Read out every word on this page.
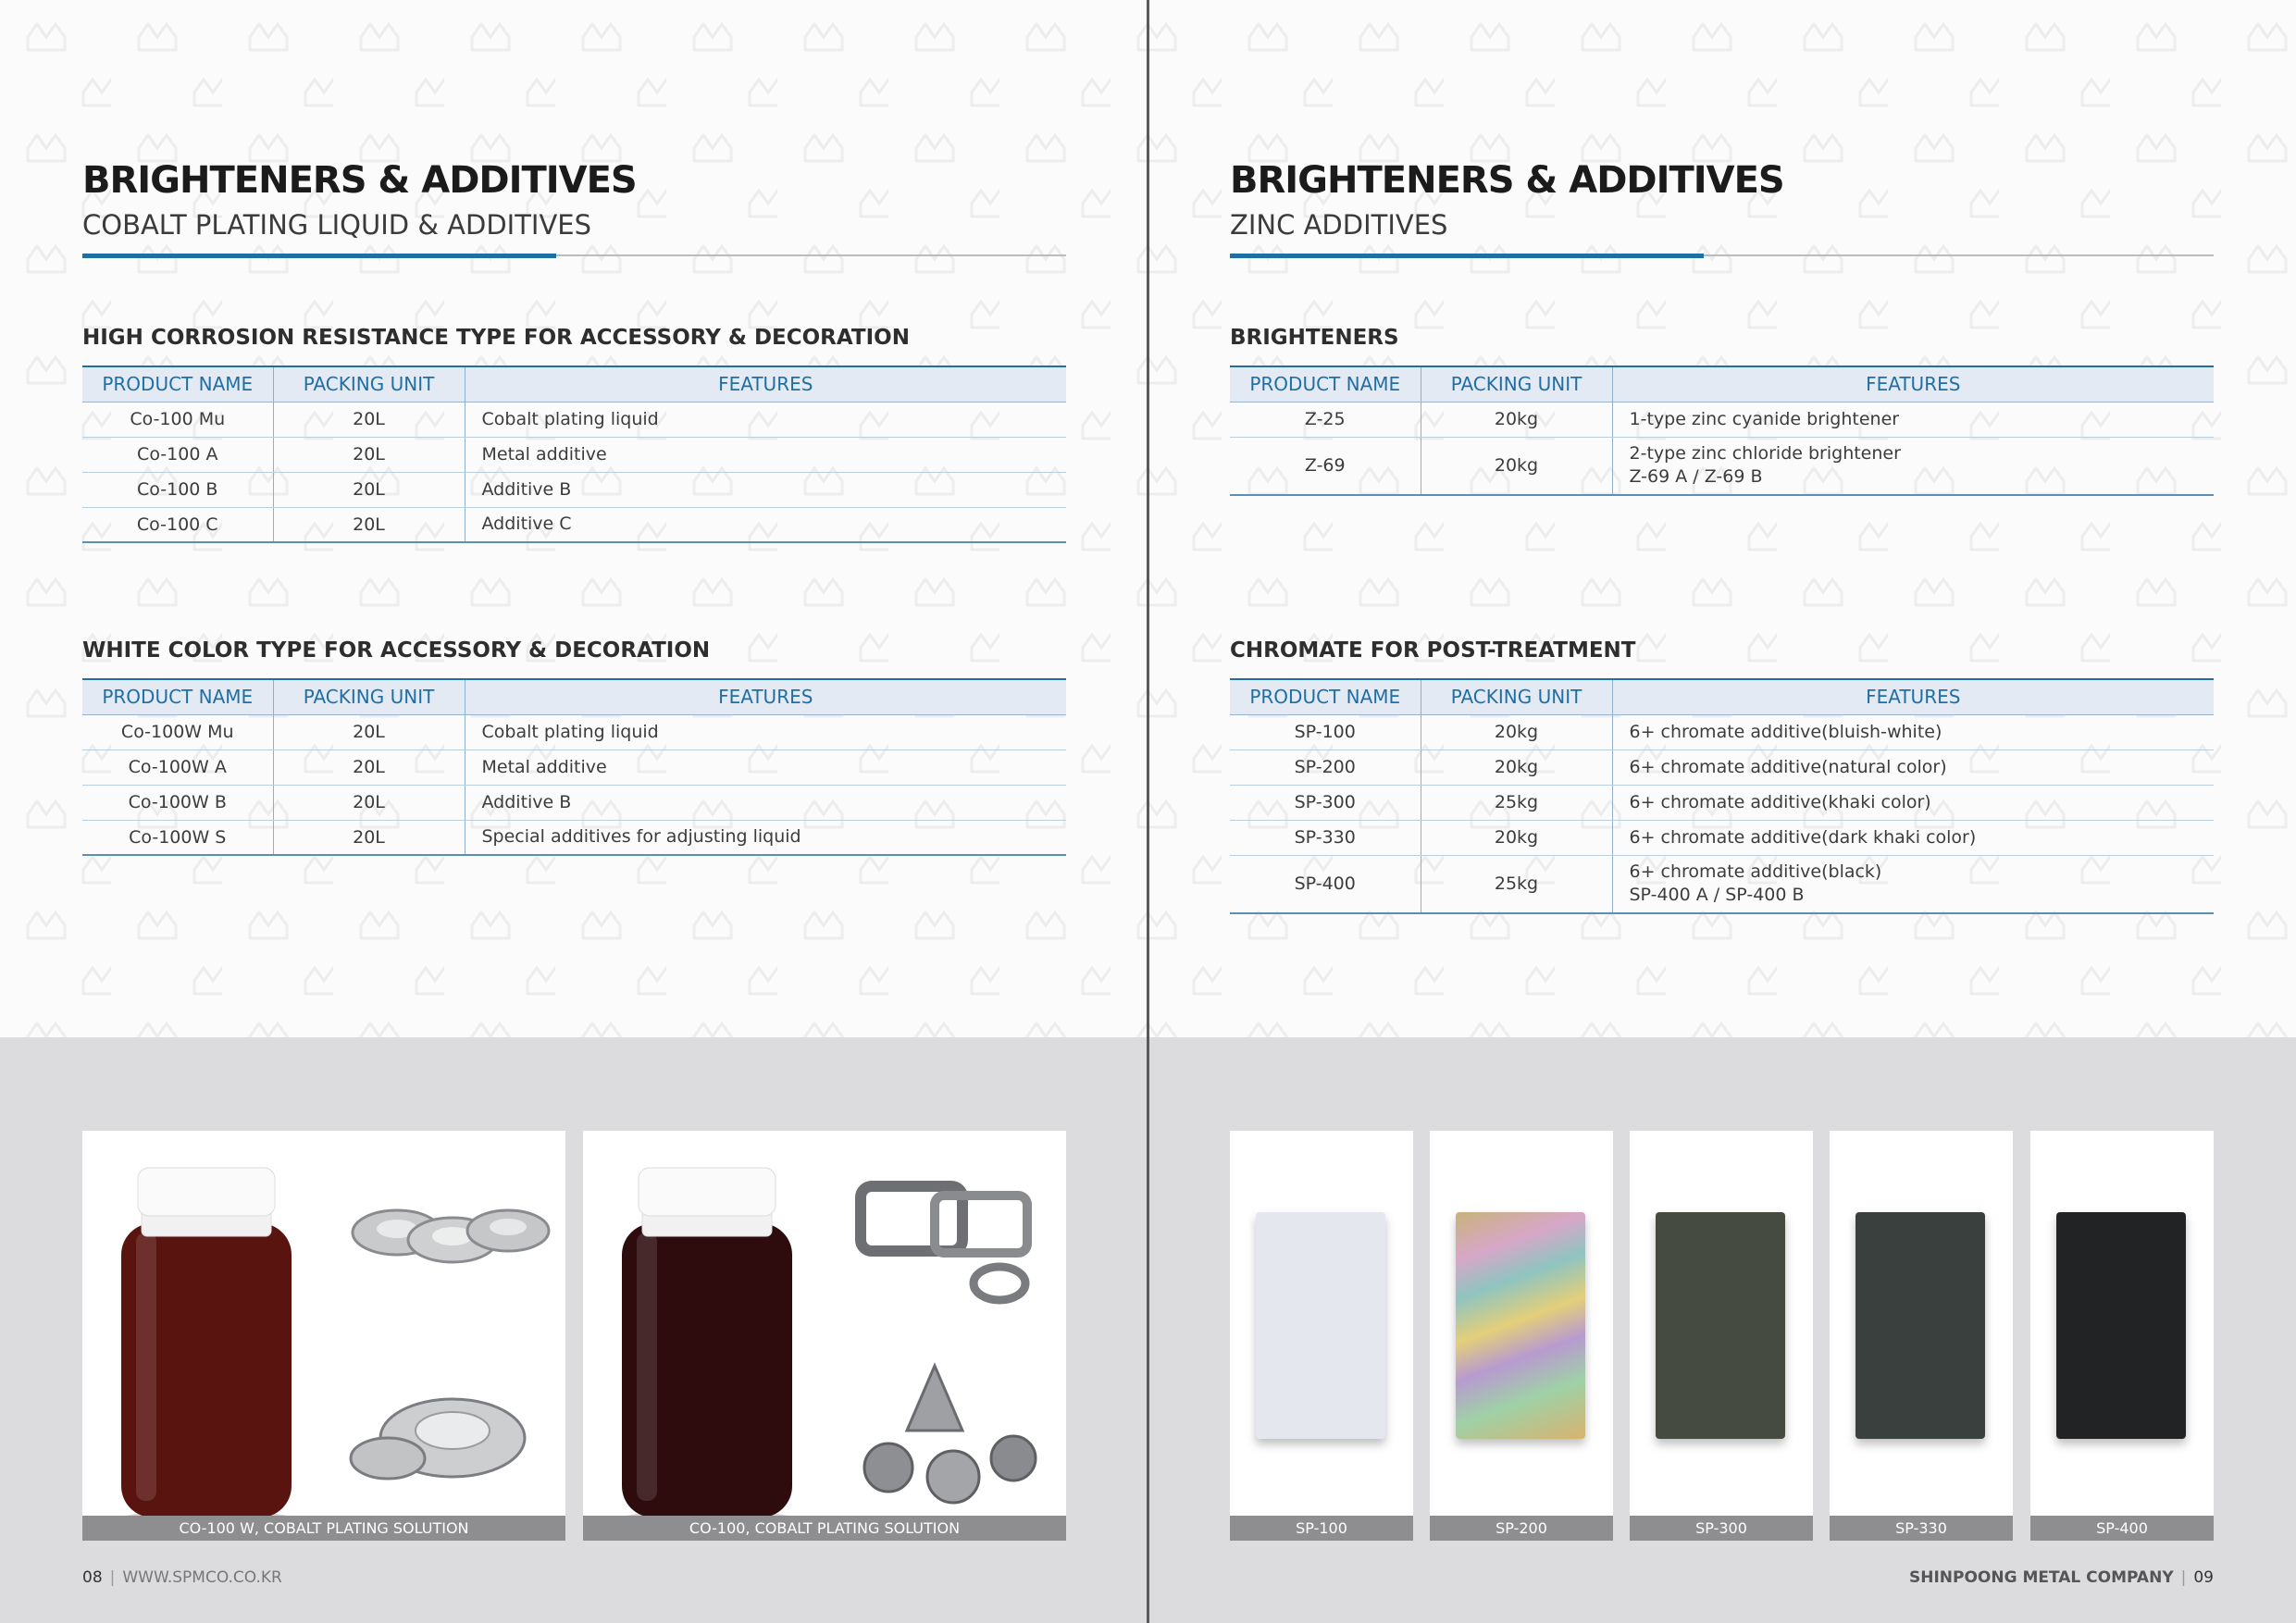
BRIGHTENERS & ADDITIVES
COBALT PLATING LIQUID & ADDITIVES
HIGH CORROSION RESISTANCE TYPE FOR ACCESSORY & DECORATION
PRODUCT NAME	PACKING UNIT	FEATURES
Co-100 Mu	20L	Cobalt plating liquid
Co-100 A	20L	Metal additive
Co-100 B	20L	Additive B
Co-100 C	20L	Additive C
WHITE COLOR TYPE FOR ACCESSORY & DECORATION
PRODUCT NAME	PACKING UNIT	FEATURES
Co-100W Mu	20L	Cobalt plating liquid
Co-100W A	20L	Metal additive
Co-100W B	20L	Additive B
Co-100W S	20L	Special additives for adjusting liquid
CO-100 W, COBALT PLATING SOLUTION	CO-100, COBALT PLATING SOLUTION
08 | WWW.SPMCO.CO.KR
BRIGHTENERS & ADDITIVES
ZINC ADDITIVES
BRIGHTENERS
PRODUCT NAME	PACKING UNIT	FEATURES
Z-25	20kg	1-type zinc cyanide brightener

Z-69	20kg	2-type zinc chloride brightener
Z-69 A / Z-69 B
CHROMATE FOR POST-TREATMENT
PRODUCT NAME	PACKING UNIT	FEATURES
SP-100	20kg	6+ chromate additive(bluish-white)
SP-200	20kg	6+ chromate additive(natural color)
SP-300	25kg	6+ chromate additive(khaki color)
SP-330	20kg	6+ chromate additive(dark khaki color)
SP-400	25kg	6+ chromate additive(black)
SP-400 A / SP-400 B
SP-100	SP-200	SP-300	SP-330	SP-400
SHINPOONG METAL COMPANY | 09
